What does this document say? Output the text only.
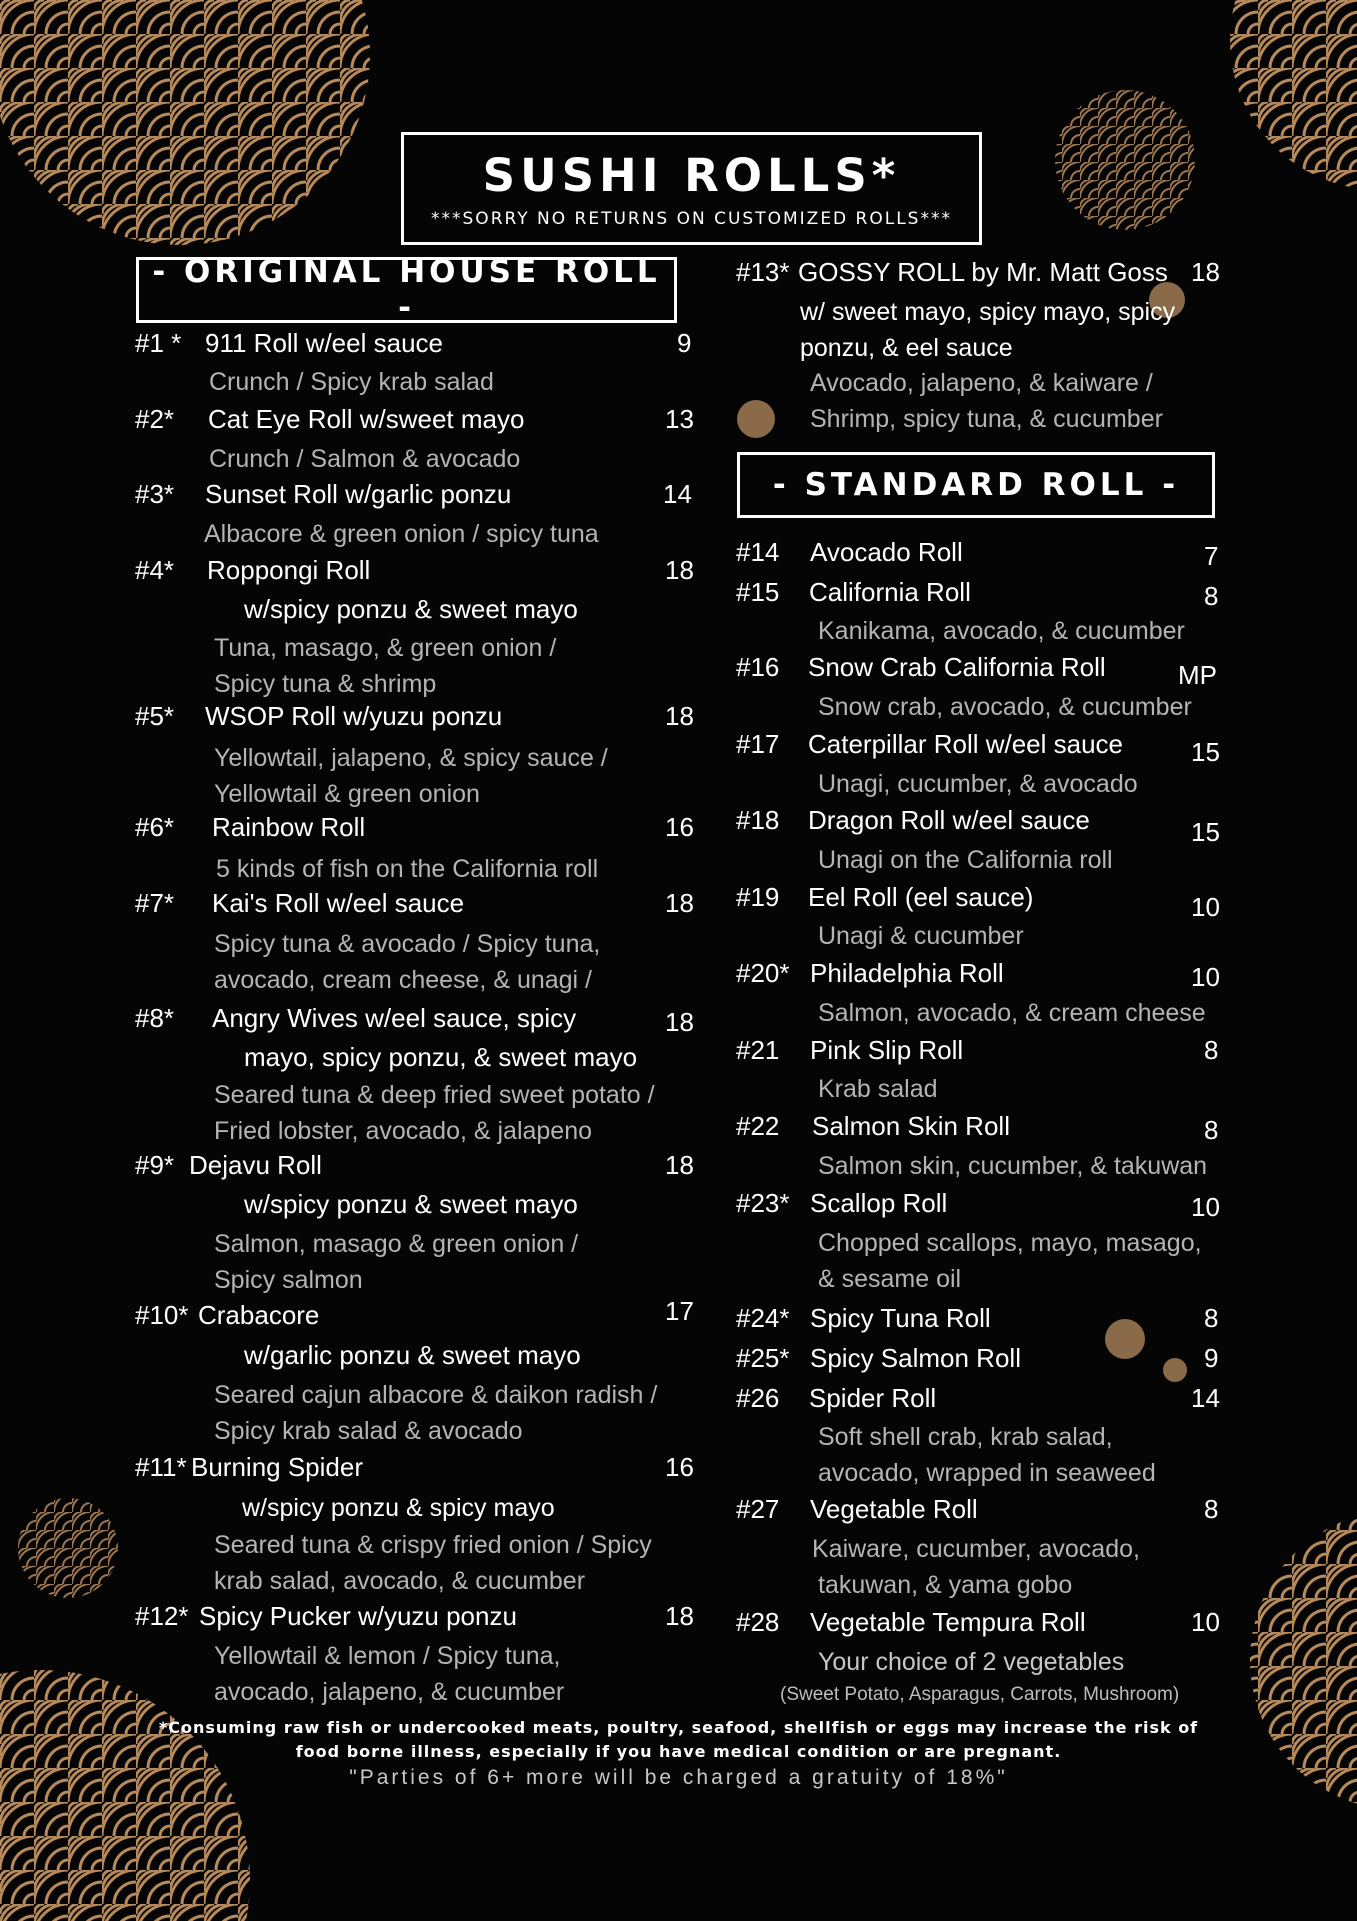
SUSHI ROLLS*
***SORRY NO RETURNS ON CUSTOMIZED ROLLS***
- ORIGINAL HOUSE ROLL -
- STANDARD ROLL -
#1 * 911 Roll w/eel sauce	9
Crunch / Spicy krab salad
#2* Cat Eye Roll w/sweet mayo	13
Crunch / Salmon & avocado
#3* Sunset Roll w/garlic ponzu	14
Albacore & green onion / spicy tuna
#4* Roppongi Roll	18
w/spicy ponzu & sweet mayo
Tuna, masago, & green onion /
Spicy tuna & shrimp
#5* WSOP Roll w/yuzu ponzu	18
Yellowtail, jalapeno, & spicy sauce /
Yellowtail & green onion
#6* Rainbow Roll	16
5 kinds of fish on the California roll
#7* Kai's Roll w/eel sauce	18
Spicy tuna & avocado / Spicy tuna,
avocado, cream cheese, & unagi /
#8* Angry Wives w/eel sauce, spicy	18
mayo, spicy ponzu, & sweet mayo
Seared tuna & deep fried sweet potato /
Fried lobster, avocado, & jalapeno
#9* Dejavu Roll	18
w/spicy ponzu & sweet mayo
Salmon, masago & green onion /
Spicy salmon
#10* Crabacore	17
w/garlic ponzu & sweet mayo
Seared cajun albacore & daikon radish /
Spicy krab salad & avocado
#11* Burning Spider	16
w/spicy ponzu & spicy mayo
Seared tuna & crispy fried onion / Spicy
krab salad, avocado, & cucumber
#12* Spicy Pucker w/yuzu ponzu	18
Yellowtail & lemon / Spicy tuna,
avocado, jalapeno, & cucumber
#13* GOSSY ROLL by Mr. Matt Goss 18
w/ sweet mayo, spicy mayo, spicy
ponzu, & eel sauce
Avocado, jalapeno, & kaiware /
Shrimp, spicy tuna, & cucumber
#14 Avocado Roll	7
#15 California Roll	8
Kanikama, avocado, & cucumber
#16 Snow Crab California Roll	MP
Snow crab, avocado, & cucumber
#17 Caterpillar Roll w/eel sauce	15
Unagi, cucumber, & avocado
#18 Dragon Roll w/eel sauce	15
Unagi on the California roll
#19 Eel Roll (eel sauce)	10
Unagi & cucumber
#20* Philadelphia Roll	10
Salmon, avocado, & cream cheese
#21 Pink Slip Roll	8
Krab salad
#22 Salmon Skin Roll	8
Salmon skin, cucumber, & takuwan
#23* Scallop Roll	10
Chopped scallops, mayo, masago,
& sesame oil
#24* Spicy Tuna Roll	8
#25* Spicy Salmon Roll	9
#26 Spider Roll	14
Soft shell crab, krab salad,
avocado, wrapped in seaweed
#27 Vegetable Roll	8
Kaiware, cucumber, avocado,
takuwan, & yama gobo
#28 Vegetable Tempura Roll	10
Your choice of 2 vegetables
(Sweet Potato, Asparagus, Carrots, Mushroom)
*Consuming raw fish or undercooked meats, poultry, seafood, shellfish or eggs may increase the risk of
food borne illness, especially if you have medical condition or are pregnant.
"Parties of 6+ more will be charged a gratuity of 18%"
